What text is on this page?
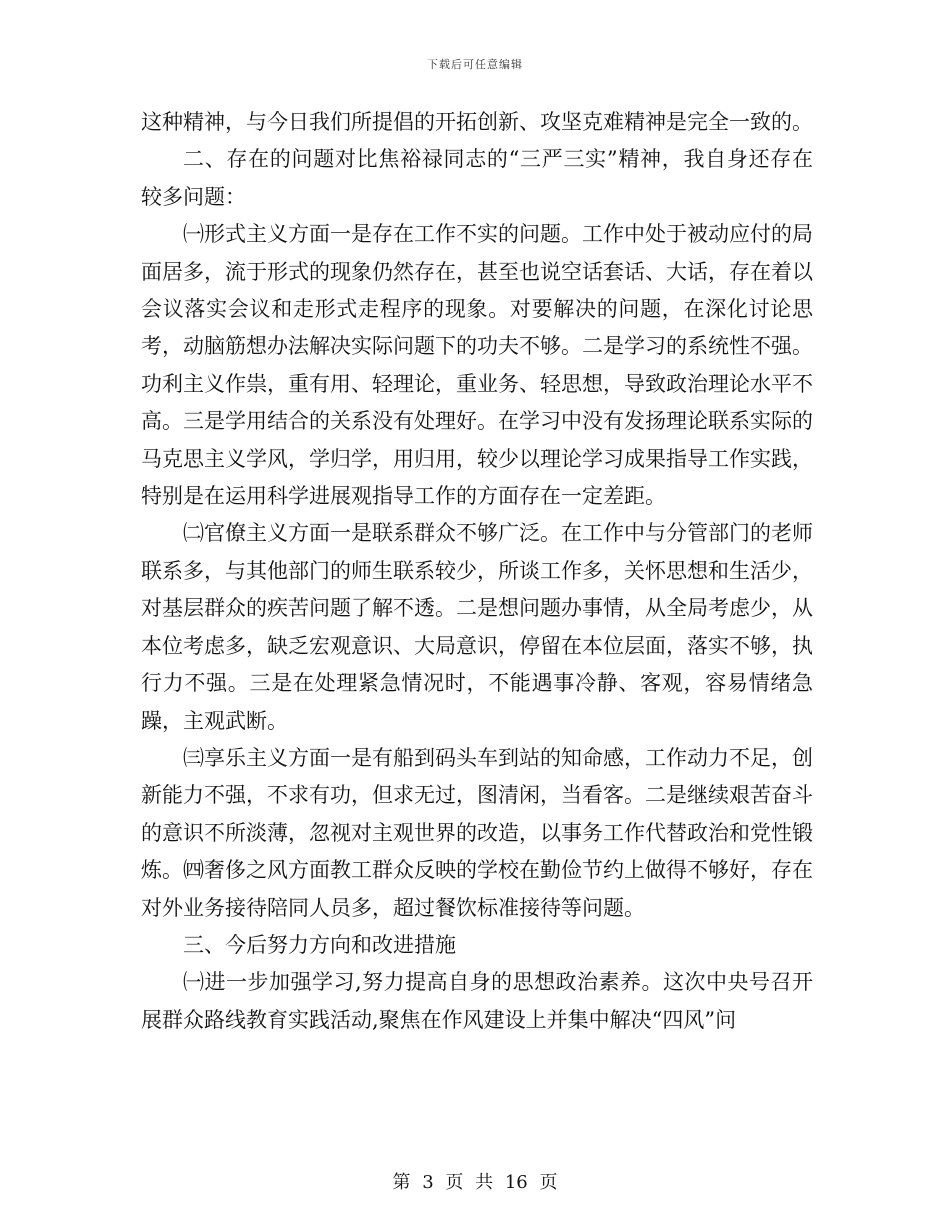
下载后可任意编辑

这种精神，与今日我们所提倡的开拓创新、攻坚克难精神是完全一致的。

二、存在的问题对比焦裕禄同志的“三严三实”精神，我自身还存在较多问题：

㈠形式主义方面一是存在工作不实的问题。工作中处于被动应付的局面居多，流于形式的现象仍然存在，甚至也说空话套话、大话，存在着以会议落实会议和走形式走程序的现象。对要解决的问题，在深化讨论思考，动脑筋想办法解决实际问题下的功夫不够。二是学习的系统性不强。功利主义作祟，重有用、轻理论，重业务、轻思想，导致政治理论水平不高。三是学用结合的关系没有处理好。在学习中没有发扬理论联系实际的马克思主义学风，学归学，用归用，较少以理论学习成果指导工作实践，特别是在运用科学进展观指导工作的方面存在一定差距。

㈡官僚主义方面一是联系群众不够广泛。在工作中与分管部门的老师联系多，与其他部门的师生联系较少，所谈工作多，关怀思想和生活少，对基层群众的疾苦问题了解不透。二是想问题办事情，从全局考虑少，从本位考虑多，缺乏宏观意识、大局意识，停留在本位层面，落实不够，执行力不强。三是在处理紧急情况时，不能遇事冷静、客观，容易情绪急躁，主观武断。

㈢享乐主义方面一是有船到码头车到站的知命感，工作动力不足，创新能力不强，不求有功，但求无过，图清闲，当看客。二是继续艰苦奋斗的意识不所淡薄，忽视对主观世界的改造，以事务工作代替政治和党性锻炼。㈣奢侈之风方面教工群众反映的学校在勤俭节约上做得不够好，存在对外业务接待陪同人员多，超过餐饮标准接待等问题。

三、今后努力方向和改进措施

㈠进一步加强学习,努力提高自身的思想政治素养。这次中央号召开展群众路线教育实践活动,聚焦在作风建设上并集中解决“四风”问

第 3 页 共 16 页
